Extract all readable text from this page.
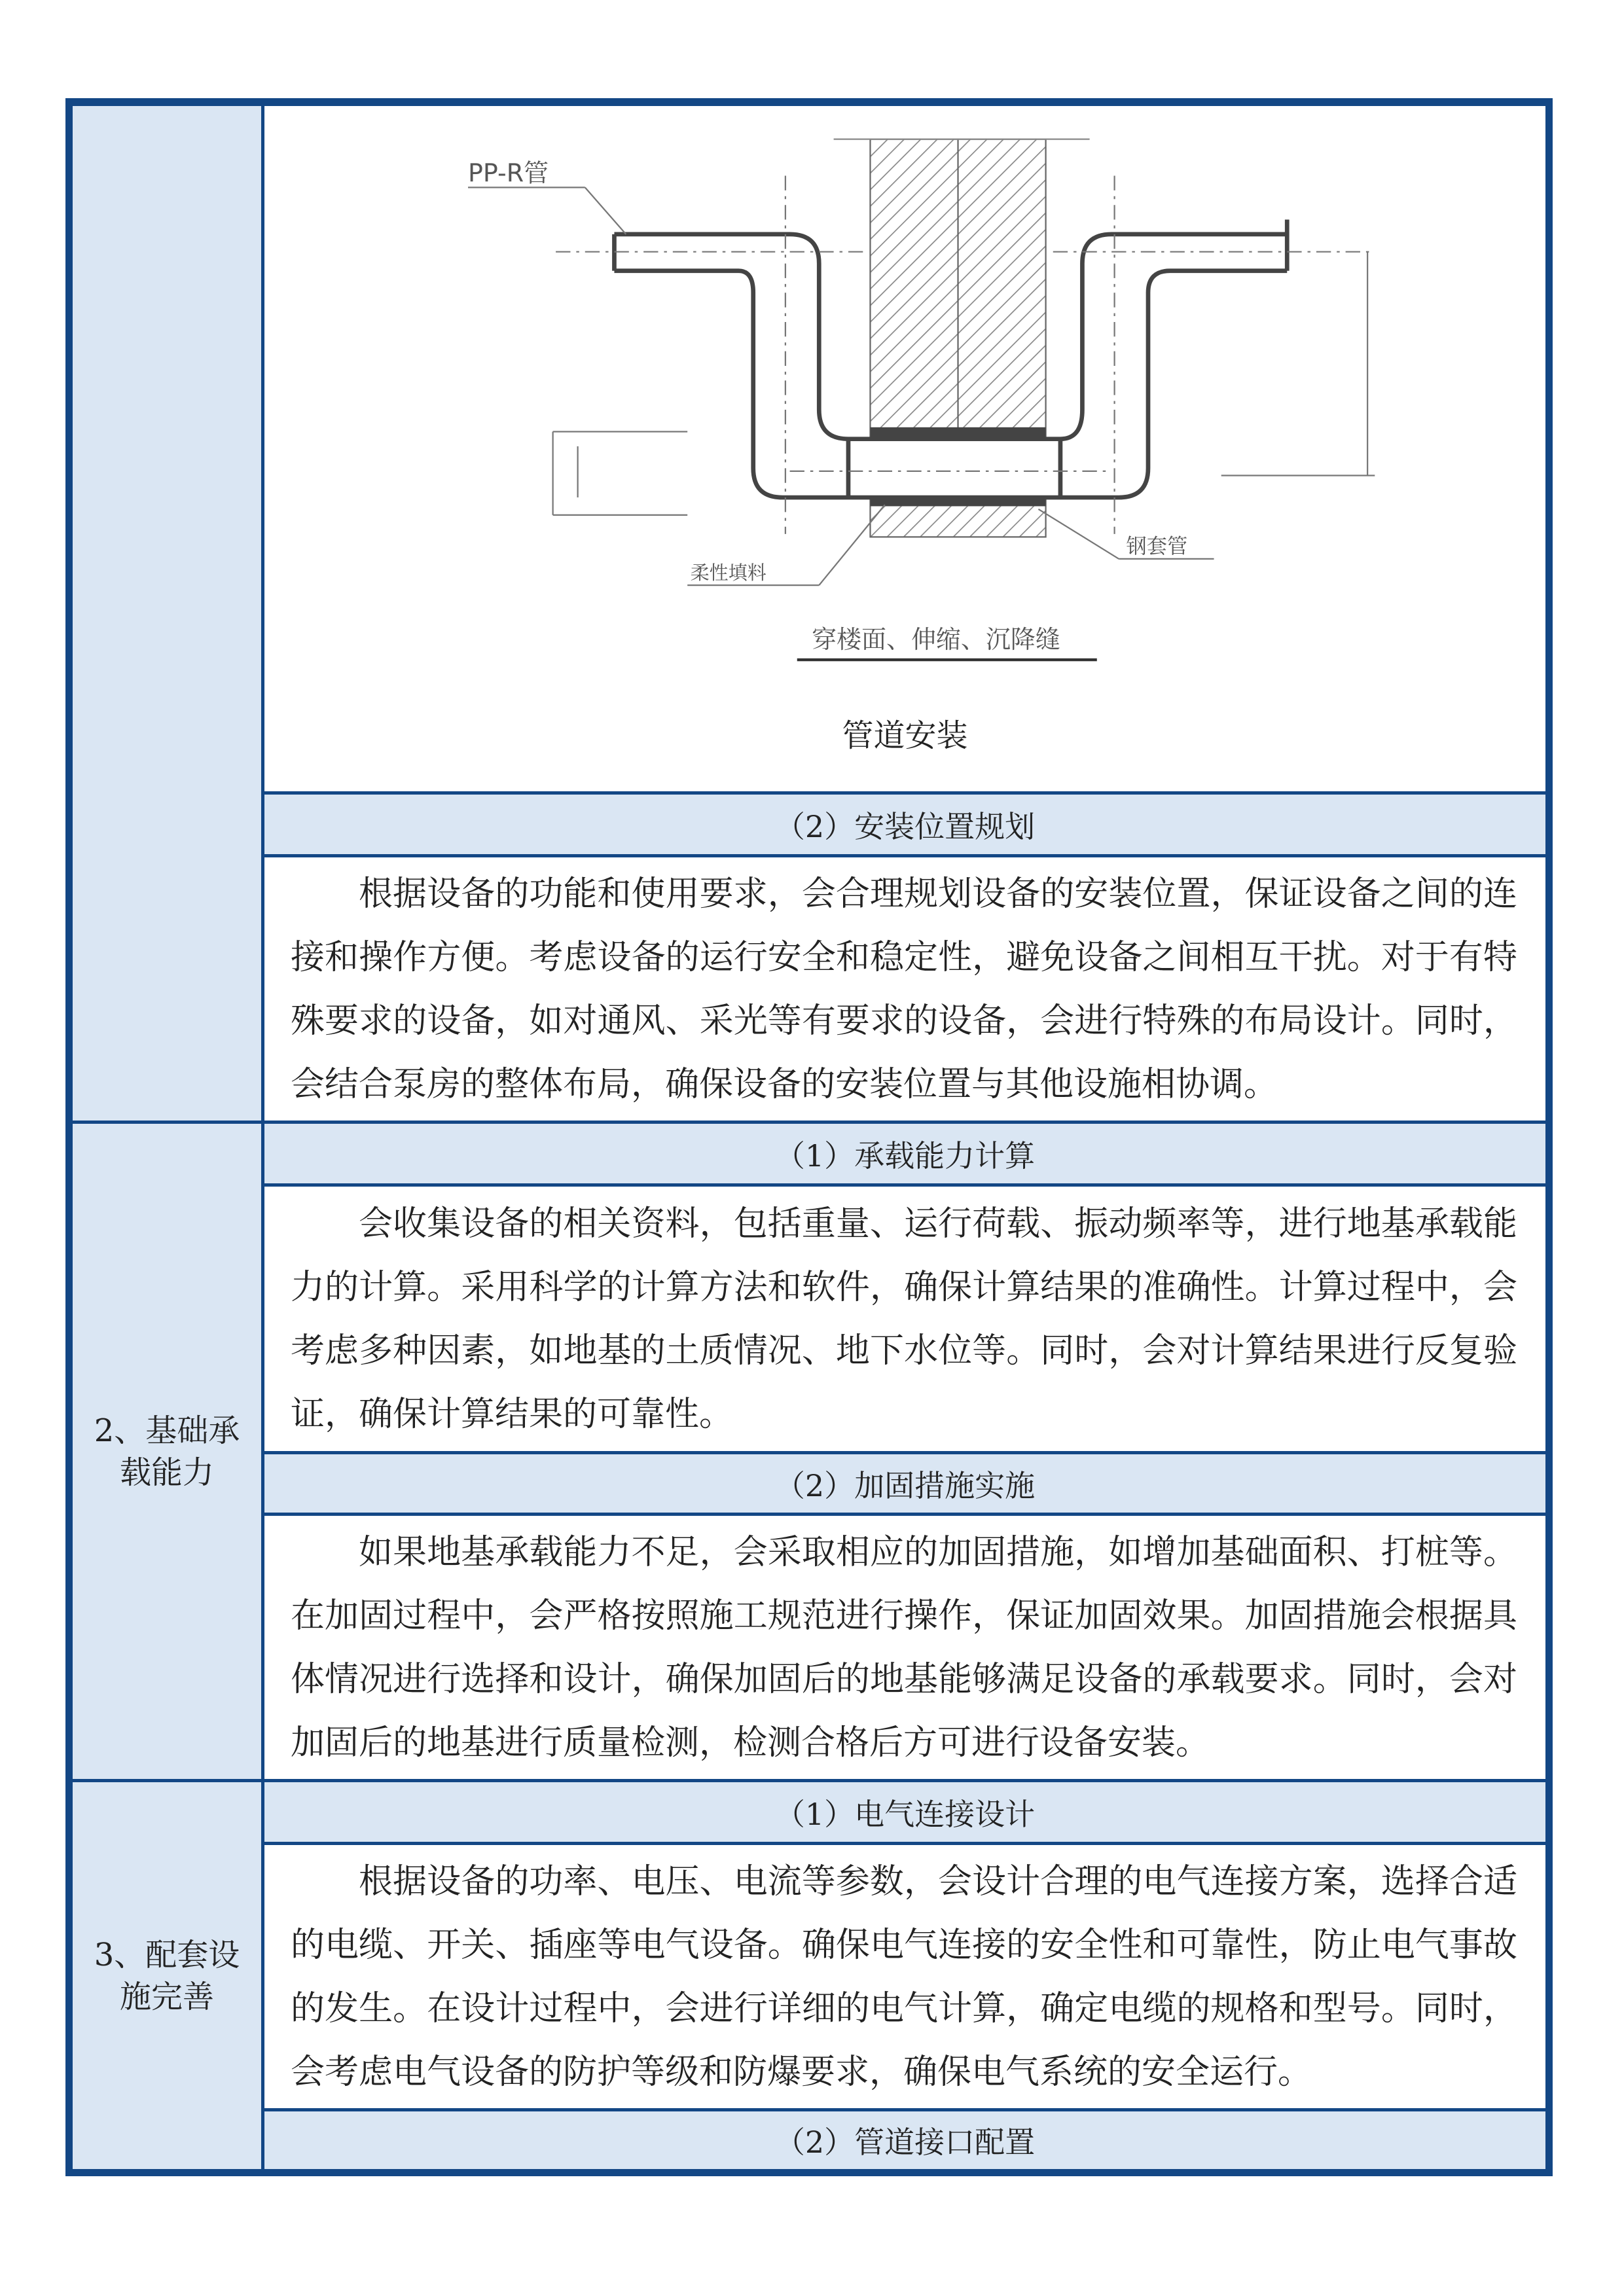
PP-R管
柔性填料
钢套管
穿楼面、伸缩、沉降缝
管道安装
（2）安装位置规划
根据设备的功能和使用要求，会合理规划设备的安装位置，保证设备之间的连接和操作方便。考虑设备的运行安全和稳定性，避免设备之间相互干扰。对于有特殊要求的设备，如对通风、采光等有要求的设备，会进行特殊的布局设计。同时，会结合泵房的整体布局，确保设备的安装位置与其他设施相协调。
2、基础承载能力
（1）承载能力计算
会收集设备的相关资料，包括重量、运行荷载、振动频率等，进行地基承载能力的计算。采用科学的计算方法和软件，确保计算结果的准确性。计算过程中，会考虑多种因素，如地基的土质情况、地下水位等。同时，会对计算结果进行反复验证，确保计算结果的可靠性。
（2）加固措施实施
如果地基承载能力不足，会采取相应的加固措施，如增加基础面积、打桩等。在加固过程中，会严格按照施工规范进行操作，保证加固效果。加固措施会根据具体情况进行选择和设计，确保加固后的地基能够满足设备的承载要求。同时，会对加固后的地基进行质量检测，检测合格后方可进行设备安装。
3、配套设施完善
（1）电气连接设计
根据设备的功率、电压、电流等参数，会设计合理的电气连接方案，选择合适的电缆、开关、插座等电气设备。确保电气连接的安全性和可靠性，防止电气事故的发生。在设计过程中，会进行详细的电气计算，确定电缆的规格和型号。同时，会考虑电气设备的防护等级和防爆要求，确保电气系统的安全运行。
（2）管道接口配置
